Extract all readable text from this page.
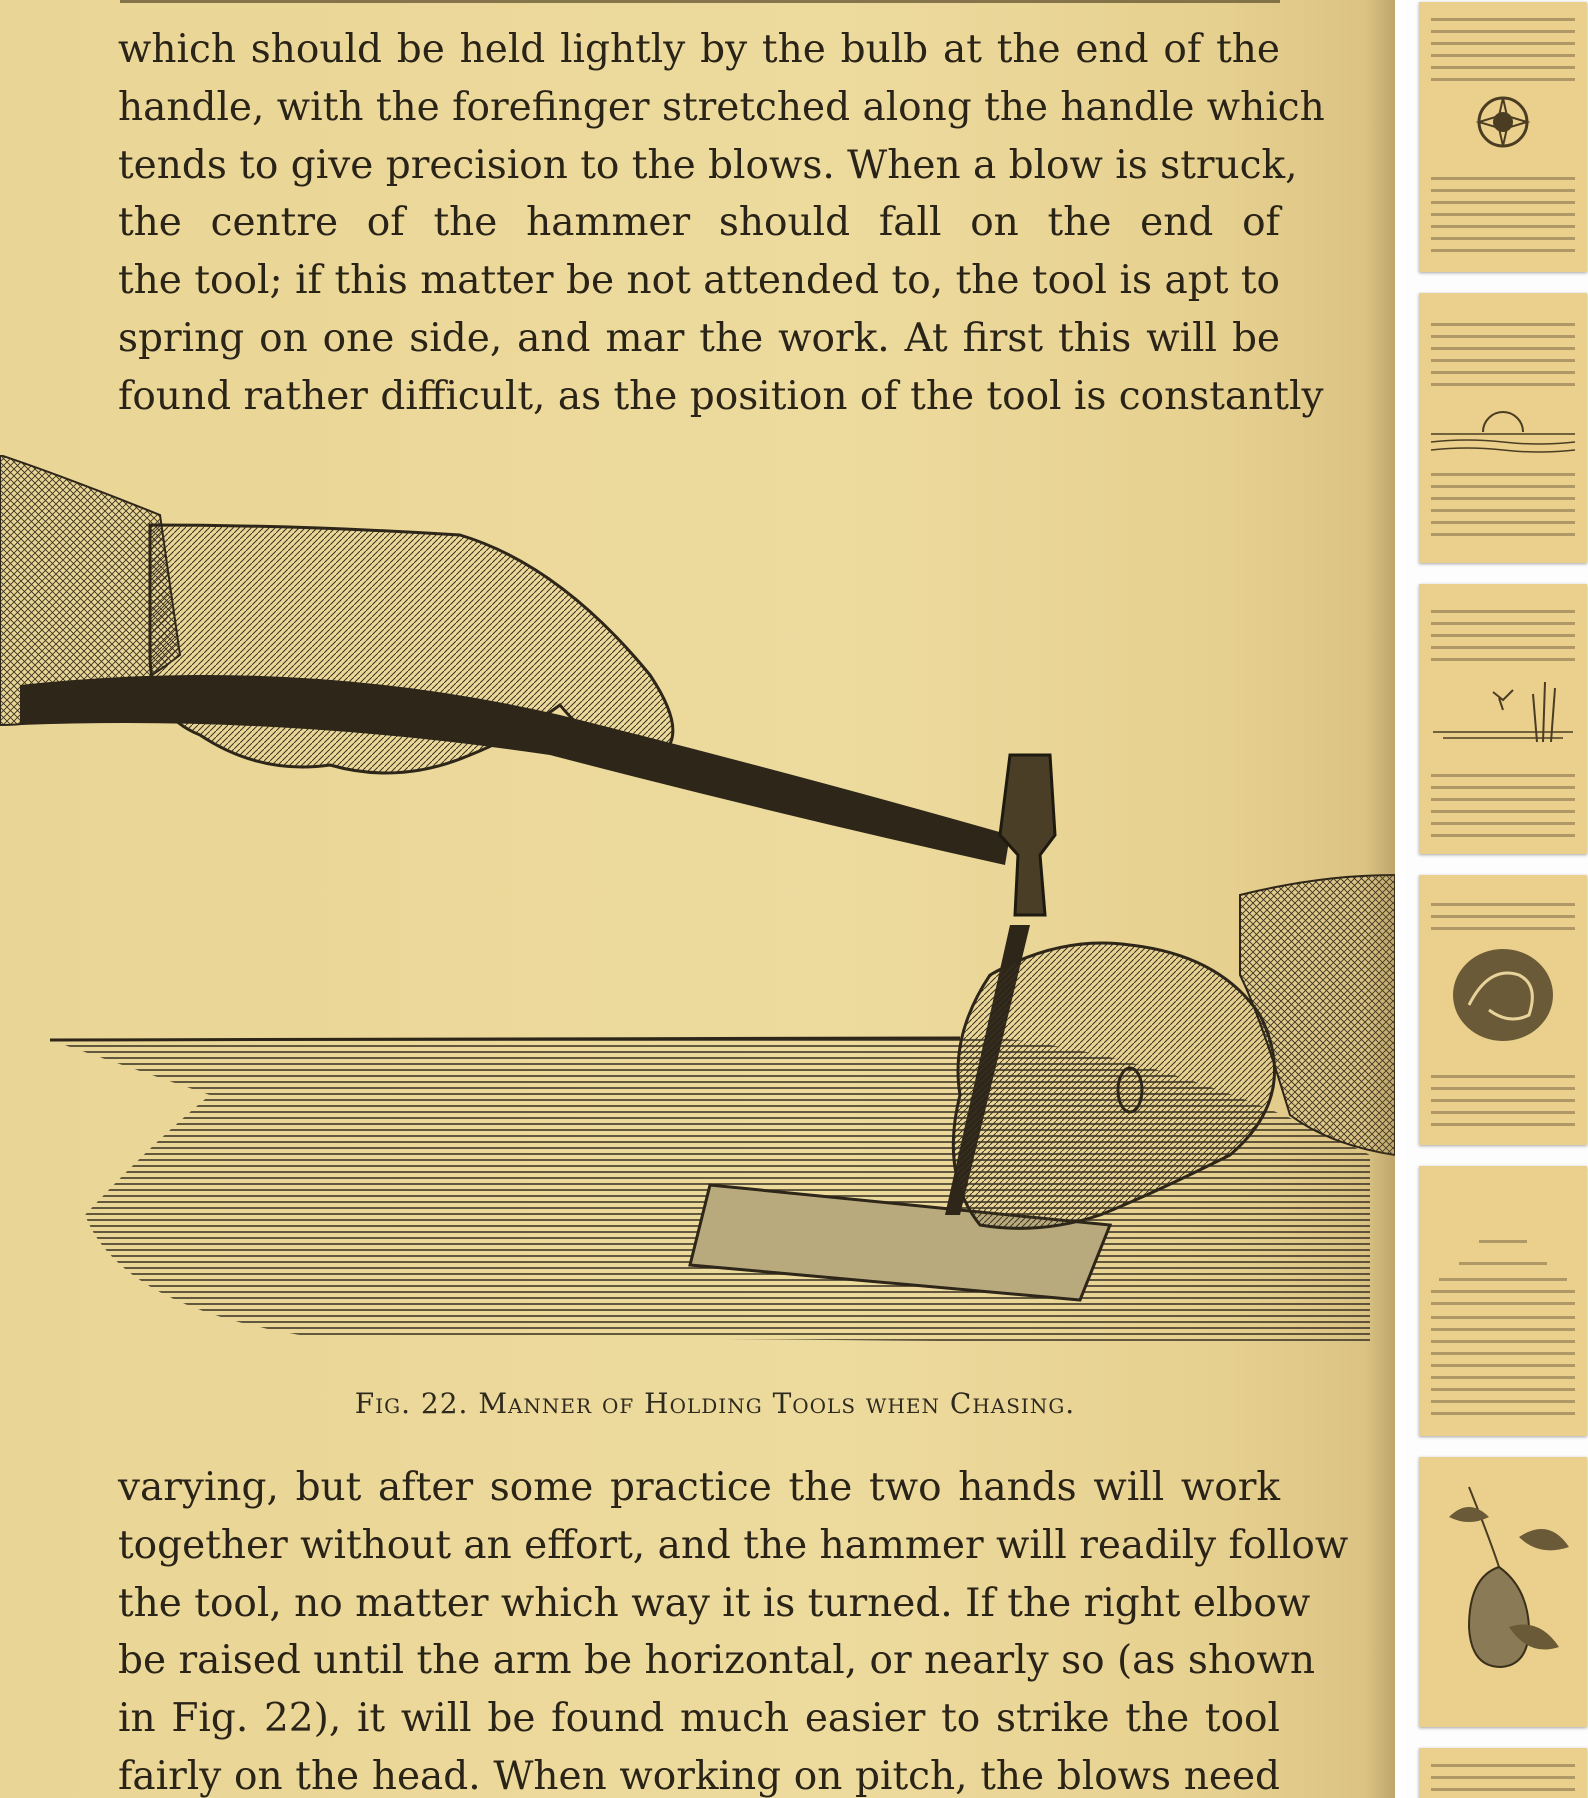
which should be held lightly by the bulb at the end of the
handle, with the forefinger stretched along the handle which
tends to give precision to the blows. When a blow is struck,
the centre of the hammer should fall on the end of
the tool; if this matter be not attended to, the tool is apt to
spring on one side, and mar the work. At first this will be
found rather difficult, as the position of the tool is constantly
Fig. 22. Manner of Holding Tools when Chasing.
varying, but after some practice the two hands will work
together without an effort, and the hammer will readily follow
the tool, no matter which way it is turned. If the right elbow
be raised until the arm be horizontal, or nearly so (as shown
in Fig. 22), it will be found much easier to strike the tool
fairly on the head. When working on pitch, the blows need
